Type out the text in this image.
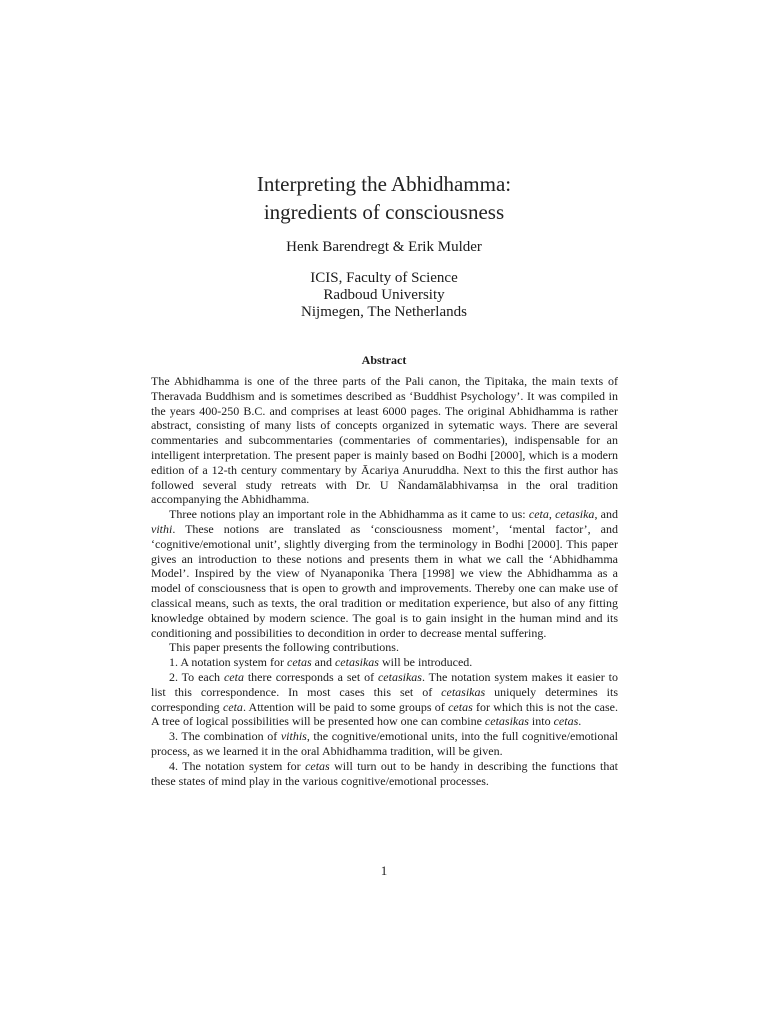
Interpreting the Abhidhamma:
ingredients of consciousness
Henk Barendregt & Erik Mulder
ICIS, Faculty of Science
Radboud University
Nijmegen, The Netherlands
Abstract

The Abhidhamma is one of the three parts of the Pali canon, the Tipitaka, the main texts of Theravada Buddhism and is sometimes described as ‘Buddhist Psychology’. It was compiled in the years 400-250 B.C. and comprises at least 6000 pages. The original Abhidhamma is rather abstract, consisting of many lists of concepts organized in sytematic ways. There are several commentaries and subcommentaries (commentaries of commentaries), indispensable for an intelligent interpretation. The present paper is mainly based on Bodhi [2000], which is a modern edition of a 12-th century commentary by Ācariya Anuruddha. Next to this the first author has followed several study retreats with Dr. U Ñandamālabhivaṃsa in the oral tradition accompanying the Abhidhamma.

Three notions play an important role in the Abhidhamma as it came to us: ceta, cetasika, and vithi. These notions are translated as ‘consciousness moment’, ‘mental factor’, and ‘cognitive/emotional unit’, slightly diverging from the terminology in Bodhi [2000]. This paper gives an introduction to these notions and presents them in what we call the ‘Abhidhamma Model’. Inspired by the view of Nyanaponika Thera [1998] we view the Abhidhamma as a model of consciousness that is open to growth and improvements. Thereby one can make use of classical means, such as texts, the oral tradition or meditation experience, but also of any fitting knowledge obtained by modern science. The goal is to gain insight in the human mind and its conditioning and possibilities to decondition in order to decrease mental suffering.

This paper presents the following contributions.

1. A notation system for cetas and cetasikas will be introduced.

2. To each ceta there corresponds a set of cetasikas. The notation system makes it easier to list this correspondence. In most cases this set of cetasikas uniquely determines its corresponding ceta. Attention will be paid to some groups of cetas for which this is not the case. A tree of logical possibilities will be presented how one can combine cetasikas into cetas.

3. The combination of vithis, the cognitive/emotional units, into the full cognitive/emotional process, as we learned it in the oral Abhidhamma tradition, will be given.

4. The notation system for cetas will turn out to be handy in describing the functions that these states of mind play in the various cognitive/emotional processes.

1
